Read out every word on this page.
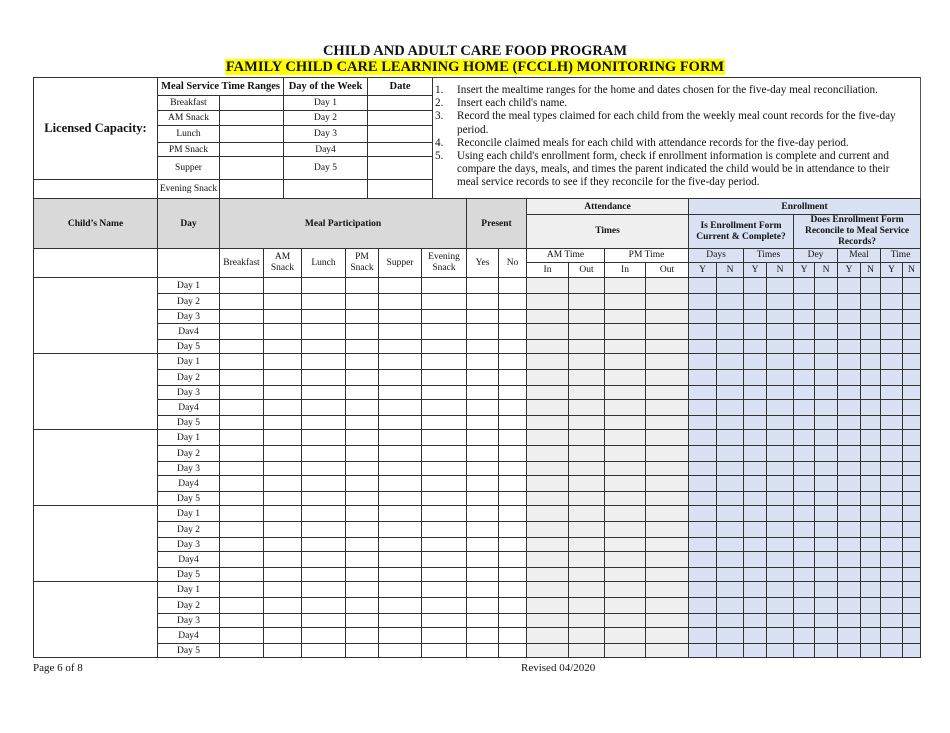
CHILD AND ADULT CARE FOOD PROGRAM
FAMILY CHILD CARE LEARNING HOME (FCCLH) MONITORING FORM
Licensed Capacity:	Meal Service Time Ranges	Day of the Week	Date	1.	Insert the mealtime ranges for the home and dates chosen for the five-day meal reconciliation.
2.	Insert each child's name.
3.	Record the meal types claimed for each child from the weekly meal count records for the five-day period.
4.	Reconcile claimed meals for each child with attendance records for the five-day period.
5.	Using each child's enrollment form, check if enrollment information is complete and current and compare the days, meals, and times the parent indicated the child would be in attendance to their meal service records to see if they reconcile for the five-day period.

	Breakfast		Day 1		
	AM Snack		Day 2		
	Lunch		Day 3		
	PM Snack		Day4		
	Supper		Day 5		
	Evening Snack				
Child’s Name	Day	Meal Participation						Present		Attendance				Enrollment									
										Times				Is Enrollment Form Current & Complete?				Does Enrollment Form Reconcile to Meal Service Records?					
		Breakfast	AM Snack	Lunch	PM Snack	Supper	Evening Snack	Yes	No	AM Time		PM Time		Days		Times		Dey		Meal		Time	
										In	Out	In	Out	Y	N	Y	N	Y	N	Y	N	Y	N
	Day 1																						
	Day 2																						
	Day 3																						
	Dav4																						
	Day 5																						
	Day 1																						
	Day 2																						
	Day 3																						
	Day4																						
	Day 5																						
	Day 1																						
	Day 2																						
	Day 3																						
	Day4																						
	Day 5																						
	Day 1																						
	Day 2																						
	Day 3																						
	Day4																						
	Day 5																						
	Day 1																						
	Day 2																						
	Day 3																						
	Day4																						
	Day 5																						
Page 6 of 8	Revised 04/2020
